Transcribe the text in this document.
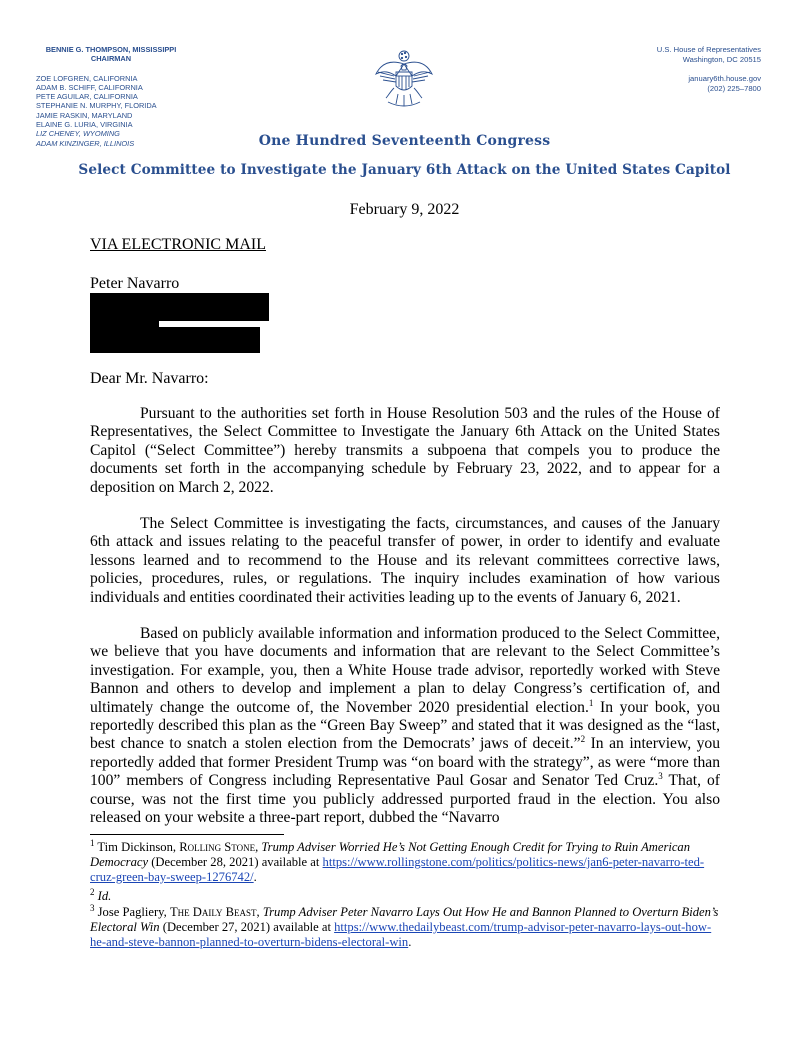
BENNIE G. THOMPSON, MISSISSIPPI
CHAIRMAN
ZOE LOFGREN, CALIFORNIA
ADAM B. SCHIFF, CALIFORNIA
PETE AGUILAR, CALIFORNIA
STEPHANIE N. MURPHY, FLORIDA
JAMIE RASKIN, MARYLAND
ELAINE G. LURIA, VIRGINIA
LIZ CHENEY, WYOMING
ADAM KINZINGER, ILLINOIS
U.S. House of Representatives
Washington, DC 20515
january6th.house.gov
(202) 225–7800
One Hundred Seventeenth Congress
Select Committee to Investigate the January 6th Attack on the United States Capitol
February 9, 2022
VIA ELECTRONIC MAIL
Peter Navarro
Dear Mr. Navarro:
Pursuant to the authorities set forth in House Resolution 503 and the rules of the House of Representatives, the Select Committee to Investigate the January 6th Attack on the United States Capitol (“Select Committee”) hereby transmits a subpoena that compels you to produce the documents set forth in the accompanying schedule by February 23, 2022, and to appear for a deposition on March 2, 2022.
The Select Committee is investigating the facts, circumstances, and causes of the January 6th attack and issues relating to the peaceful transfer of power, in order to identify and evaluate lessons learned and to recommend to the House and its relevant committees corrective laws, policies, procedures, rules, or regulations. The inquiry includes examination of how various individuals and entities coordinated their activities leading up to the events of January 6, 2021.
Based on publicly available information and information produced to the Select Committee, we believe that you have documents and information that are relevant to the Select Committee’s investigation. For example, you, then a White House trade advisor, reportedly worked with Steve Bannon and others to develop and implement a plan to delay Congress’s certification of, and ultimately change the outcome of, the November 2020 presidential election.$^1$ In your book, you reportedly described this plan as the “Green Bay Sweep” and stated that it was designed as the “last, best chance to snatch a stolen election from the Democrats’ jaws of deceit.”$^2$ In an interview, you reportedly added that former President Trump was “on board with the strategy”, as were “more than 100” members of Congress including Representative Paul Gosar and Senator Ted Cruz.$^3$ That, of course, was not the first time you publicly addressed purported fraud in the election. You also released on your website a three-part report, dubbed the “Navarro
$^1$ Tim Dickinson, Rolling Stone, Trump Adviser Worried He’s Not Getting Enough Credit for Trying to Ruin American Democracy (December 28, 2021) available at https://www.rollingstone.com/politics/politics-news/jan6-peter-navarro-ted-cruz-green-bay-sweep-1276742/.
$^2$ Id.
$^3$ Jose Pagliery, The Daily Beast, Trump Adviser Peter Navarro Lays Out How He and Bannon Planned to Overturn Biden’s Electoral Win (December 27, 2021) available at https://www.thedailybeast.com/trump-advisor-peter-navarro-lays-out-how-he-and-steve-bannon-planned-to-overturn-bidens-electoral-win.
